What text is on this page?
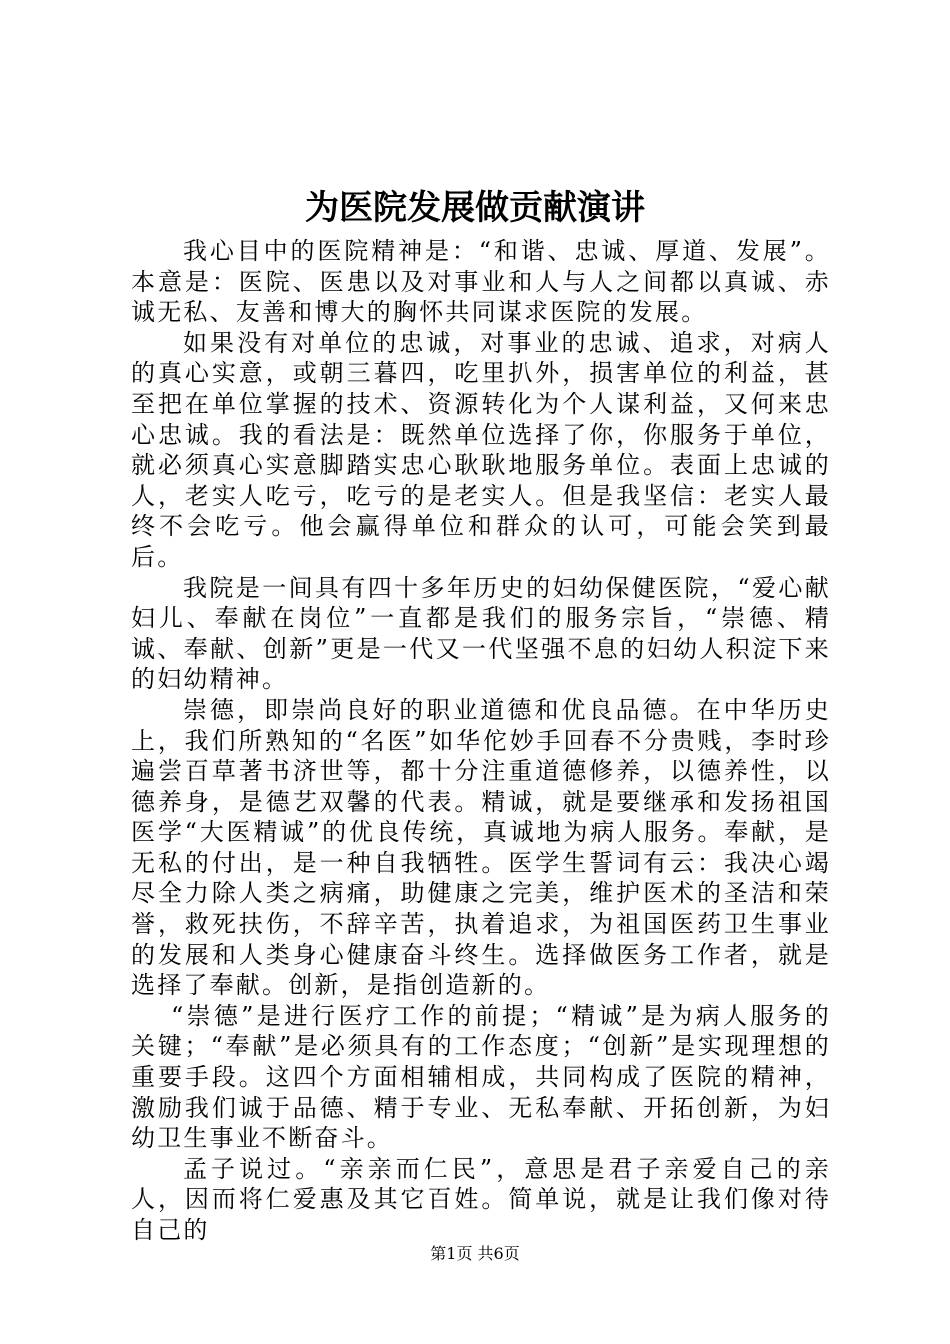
为医院发展做贡献演讲

我心目中的医院精神是：“和谐、忠诚、厚道、发展”。本意是：医院、医患以及对事业和人与人之间都以真诚、赤诚无私、友善和博大的胸怀共同谋求医院的发展。

如果没有对单位的忠诚，对事业的忠诚、追求，对病人的真心实意，或朝三暮四，吃里扒外，损害单位的利益，甚至把在单位掌握的技术、资源转化为个人谋利益，又何来忠心忠诚。我的看法是：既然单位选择了你，你服务于单位，就必须真心实意脚踏实忠心耿耿地服务单位。表面上忠诚的人，老实人吃亏，吃亏的是老实人。但是我坚信：老实人最终不会吃亏。他会赢得单位和群众的认可，可能会笑到最后。

我院是一间具有四十多年历史的妇幼保健医院，“爱心献妇儿、奉献在岗位”一直都是我们的服务宗旨，“崇德、精诚、奉献、创新”更是一代又一代坚强不息的妇幼人积淀下来的妇幼精神。

崇德，即崇尚良好的职业道德和优良品德。在中华历史上，我们所熟知的“名医”如华佗妙手回春不分贵贱，李时珍遍尝百草著书济世等，都十分注重道德修养，以德养性，以德养身，是德艺双馨的代表。精诚，就是要继承和发扬祖国医学“大医精诚”的优良传统，真诚地为病人服务。奉献，是无私的付出，是一种自我牺牲。医学生誓词有云：我决心竭尽全力除人类之病痛，助健康之完美，维护医术的圣洁和荣誉，救死扶伤，不辞辛苦，执着追求，为祖国医药卫生事业的发展和人类身心健康奋斗终生。选择做医务工作者，就是选择了奉献。创新，是指创造新的。

“崇德”是进行医疗工作的前提；“精诚”是为病人服务的关键；“奉献”是必须具有的工作态度；“创新”是实现理想的重要手段。这四个方面相辅相成，共同构成了医院的精神，激励我们诚于品德、精于专业、无私奉献、开拓创新，为妇幼卫生事业不断奋斗。

孟子说过。“亲亲而仁民”，意思是君子亲爱自己的亲人，因而将仁爱惠及其它百姓。简单说，就是让我们像对待自己的

第1页 共6页
